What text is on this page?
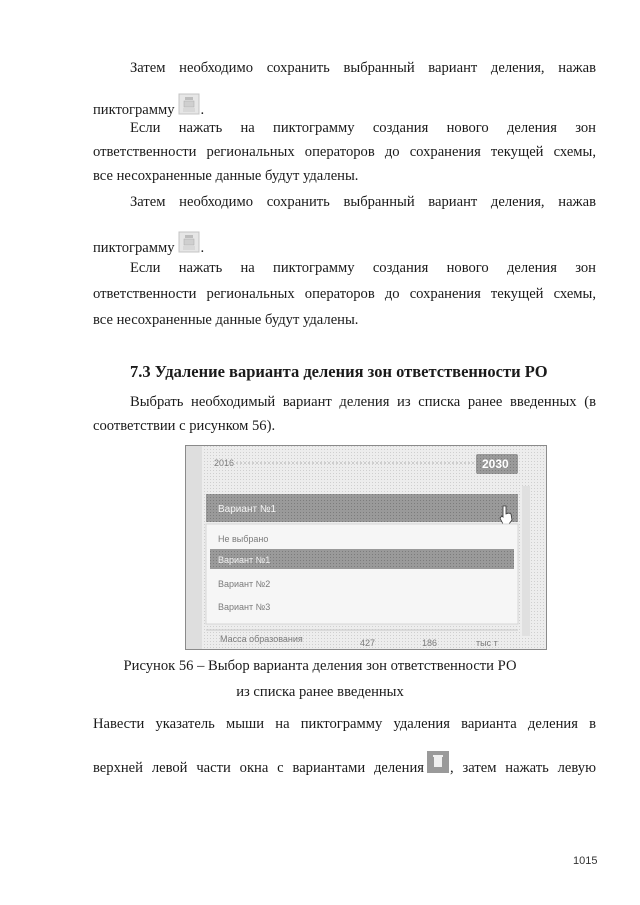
Затем необходимо сохранить выбранный вариант деления, нажав
пиктограмму .
Если нажать на пиктограмму создания нового деления зон
ответственности региональных операторов до сохранения текущей схемы,
все несохраненные данные будут удалены.
Затем необходимо сохранить выбранный вариант деления, нажав
пиктограмму .
Если нажать на пиктограмму создания нового деления зон
ответственности региональных операторов до сохранения текущей схемы,
все несохраненные данные будут удалены.
7.3 Удаление варианта деления зон ответственности РО
Выбрать необходимый вариант деления из списка ранее введенных (в
соответствии с рисунком 56).
2016	2030
Вариант №1
Не выбрано
Вариант №1
Вариант №2
Вариант №3
Масса образования	427	186	тыс т
Рисунок 56 – Выбор варианта деления зон ответственности РО
из списка ранее введенных
Навести указатель мыши на пиктограмму удаления варианта деления в
верхней левой части окна с вариантами деления , затем нажать левую
1015
